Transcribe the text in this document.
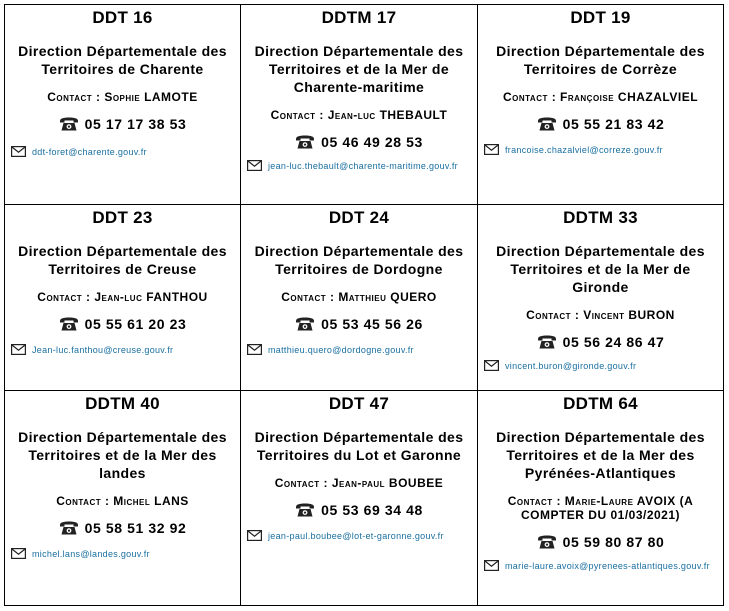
DDT 16
Direction Départementale des Territoires de Charente
Contact : Sophie LAMOTE
05 17 17 38 53
ddt-foret@charente.gouv.fr
DDTM 17
Direction Départementale des Territoires et de la Mer de Charente-maritime
Contact : Jean-luc THEBAULT
05 46 49 28 53
jean-luc.thebault@charente-maritime.gouv.fr
DDT 19
Direction Départementale des Territoires de Corrèze
Contact : Françoise CHAZALVIEL
05 55 21 83 42
francoise.chazalviel@correze.gouv.fr
DDT 23
Direction Départementale des Territoires de Creuse
Contact : Jean-luc FANTHOU
05 55 61 20 23
Jean-luc.fanthou@creuse.gouv.fr
DDT 24
Direction Départementale des Territoires de Dordogne
Contact : Matthieu QUERO
05 53 45 56 26
matthieu.quero@dordogne.gouv.fr
DDTM 33
Direction Départementale des Territoires et de la Mer de Gironde
Contact : Vincent BURON
05 56 24 86 47
vincent.buron@gironde.gouv.fr
DDTM 40
Direction Départementale des Territoires et de la Mer des landes
Contact : Michel LANS
05 58 51 32 92
michel.lans@landes.gouv.fr
DDT 47
Direction Départementale des Territoires du Lot et Garonne
Contact : Jean-paul BOUBEE
05 53 69 34 48
jean-paul.boubee@lot-et-garonne.gouv.fr
DDTM 64
Direction Départementale des Territoires et de la Mer des Pyrénées-Atlantiques
Contact : Marie-Laure AVOIX (A COMPTER DU 01/03/2021)
05 59 80 87 80
marie-laure.avoix@pyrenees-atlantiques.gouv.fr
